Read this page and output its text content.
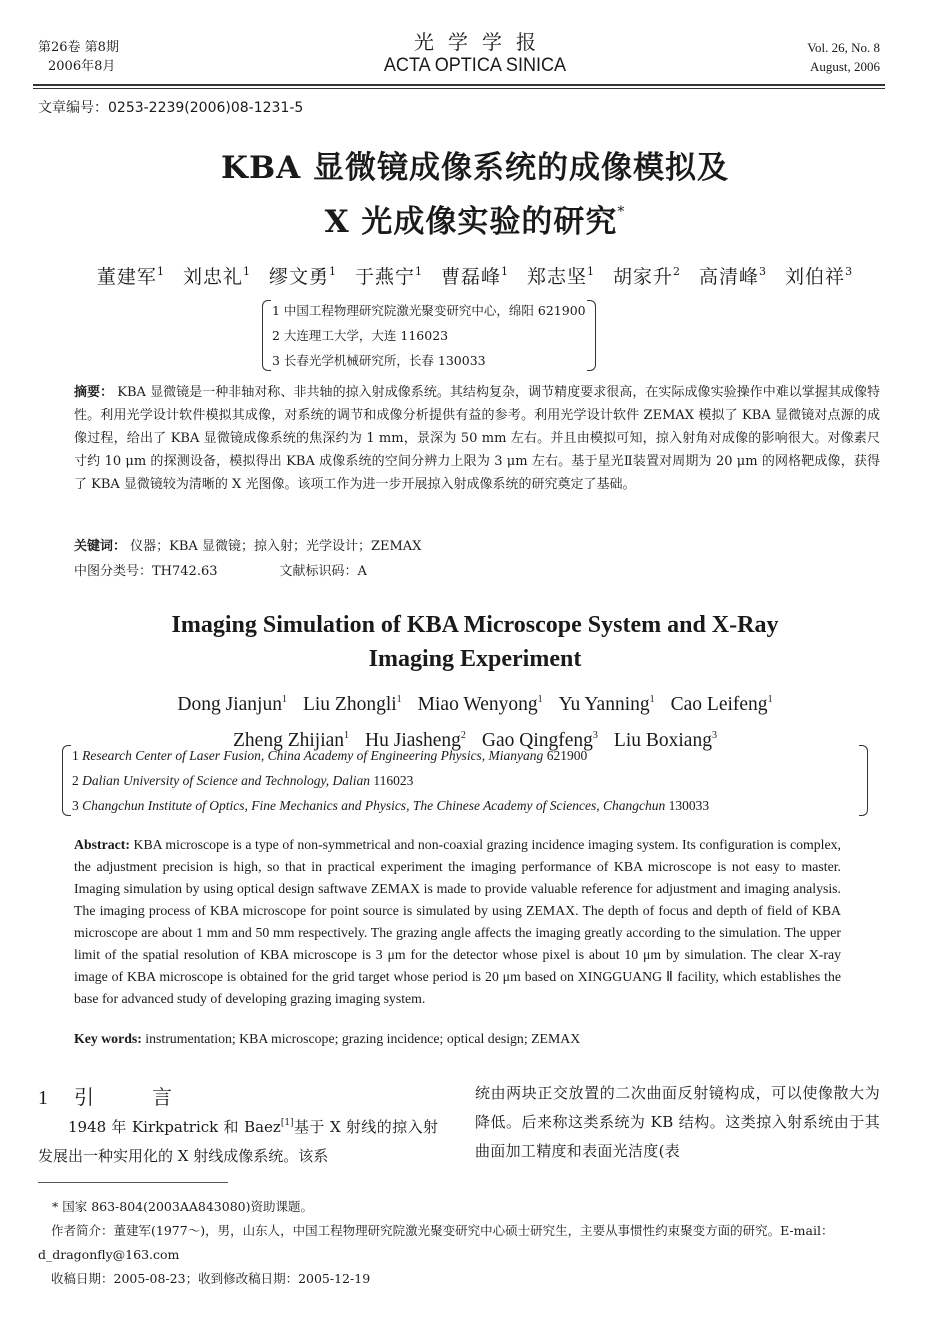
第26卷 第8期
2006年8月
光学学报
ACTA OPTICA SINICA
Vol. 26, No. 8
August, 2006
文章编号：0253-2239(2006)08-1231-5
KBA 显微镜成像系统的成像模拟及
X 光成像实验的研究*
董建军$^1$ 刘忠礼$^1$ 缪文勇$^1$ 于燕宁$^1$ 曹磊峰$^1$ 郑志坚$^1$ 胡家升$^2$ 高清峰$^3$ 刘伯祥$^3$
1 中国工程物理研究院激光聚变研究中心，绵阳 621900
2 大连理工大学，大连 116023
3 长春光学机械研究所，长春 130033
摘要： KBA 显微镜是一种非轴对称、非共轴的掠入射成像系统。其结构复杂，调节精度要求很高，在实际成像实验操作中难以掌握其成像特性。利用光学设计软件模拟其成像，对系统的调节和成像分析提供有益的参考。利用光学设计软件 ZEMAX 模拟了 KBA 显微镜对点源的成像过程，给出了 KBA 显微镜成像系统的焦深约为 1 mm，景深为 50 mm 左右。并且由模拟可知，掠入射角对成像的影响很大。对像素尺寸约 10 μm 的探测设备，模拟得出 KBA 成像系统的空间分辨力上限为 3 μm 左右。基于星光Ⅱ装置对周期为 20 μm 的网格靶成像，获得了 KBA 显微镜较为清晰的 X 光图像。该项工作为进一步开展掠入射成像系统的研究奠定了基础。
关键词： 仪器；KBA 显微镜；掠入射；光学设计；ZEMAX
中图分类号：TH742.63	文献标识码：A
Imaging Simulation of KBA Microscope System and X-Ray
Imaging Experiment
Dong Jianjun$^1$ Liu Zhongli$^1$ Miao Wenyong$^1$ Yu Yanning$^1$ Cao Leifeng$^1$
Zheng Zhijian$^1$ Hu Jiasheng$^2$ Gao Qingfeng$^3$ Liu Boxiang$^3$
1 Research Center of Laser Fusion, China Academy of Engineering Physics, Mianyang 621900
2 Dalian University of Science and Technology, Dalian 116023
3 Changchun Institute of Optics, Fine Mechanics and Physics, The Chinese Academy of Sciences, Changchun 130033
Abstract: KBA microscope is a type of non-symmetrical and non-coaxial grazing incidence imaging system. Its configuration is complex, the adjustment precision is high, so that in practical experiment the imaging performance of KBA microscope is not easy to master. Imaging simulation by using optical design saftwave ZEMAX is made to provide valuable reference for adjustment and imaging analysis. The imaging process of KBA microscope for point source is simulated by using ZEMAX. The depth of focus and depth of field of KBA microscope are about 1 mm and 50 mm respectively. The grazing angle affects the imaging greatly according to the simulation. The upper limit of the spatial resolution of KBA microscope is 3 μm for the detector whose pixel is about 10 μm by simulation. The clear X-ray image of KBA microscope is obtained for the grid target whose period is 20 μm based on XINGGUANG Ⅱ facility, which establishes the base for advanced study of developing grazing imaging system.
Key words: instrumentation; KBA microscope; grazing incidence; optical design; ZEMAX
1 引	言
1948 年 Kirkpatrick 和 Baez[1]基于 X 射线的掠入射发展出一种实用化的 X 射线成像系统。该系
统由两块正交放置的二次曲面反射镜构成，可以使像散大为降低。后来称这类系统为 KB 结构。这类掠入射系统由于其曲面加工精度和表面光洁度(表
* 国家 863-804(2003AA843080)资助课题。
作者简介：董建军(1977～)，男，山东人，中国工程物理研究院激光聚变研究中心硕士研究生，主要从事惯性约束聚变方面的研究。E-mail：d_dragonfly@163.com
收稿日期：2005-08-23；收到修改稿日期：2005-12-19
